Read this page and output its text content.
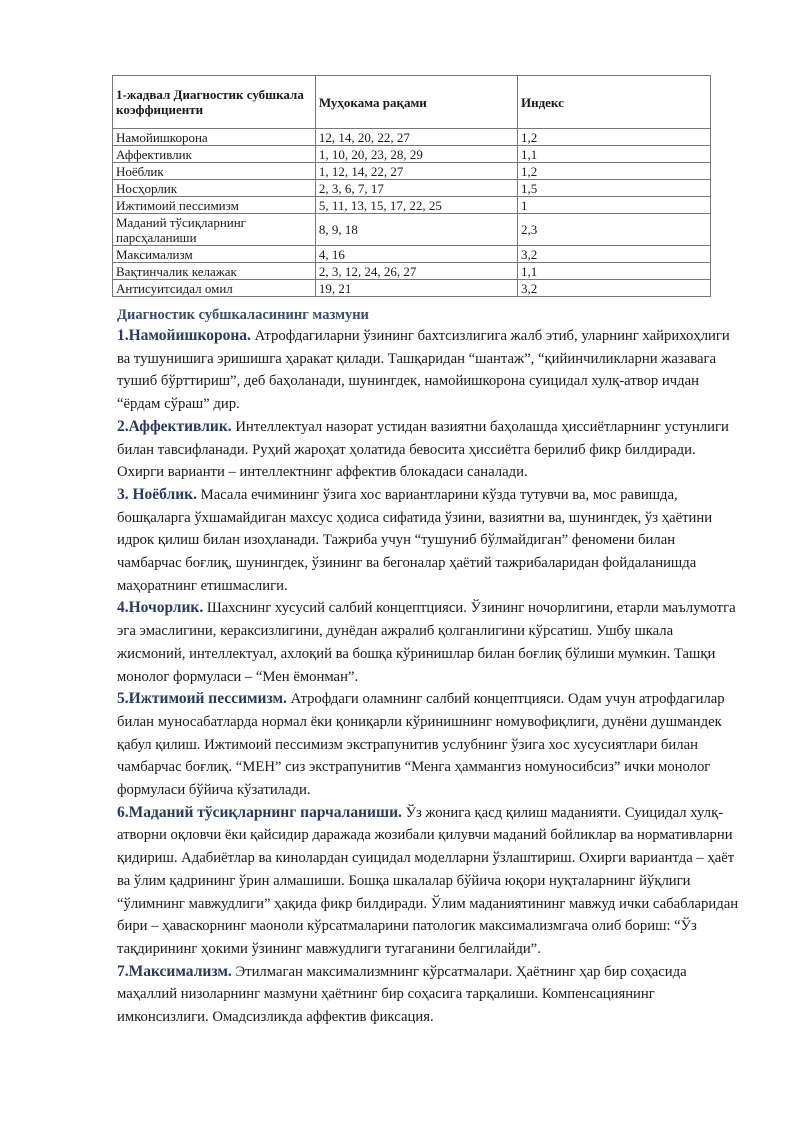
1-жадвал Диагностик субшкала коэффициенти	Муҳокама рақами	Индекс
Намойишкорона	12, 14, 20, 22, 27	1,2
Аффективлик	1, 10, 20, 23, 28, 29	1,1
Ноёблик	1, 12, 14, 22, 27	1,2
Носҳорлик	2, 3, 6, 7, 17	1,5
Ижтимоий пессимизм	5, 11, 13, 15, 17, 22, 25	1
Маданий тўсиқларнинг парсҳаланиши	8, 9, 18	2,3
Максимализм	4, 16	3,2
Вақтинчалик келажак	2, 3, 12, 24, 26, 27	1,1
Антисуитсидал омил	19, 21	3,2
Диагностик субшкаласининг мазмуни

1.Намойишкорона. Атрофдагиларни ўзининг бахтсизлигига жалб этиб, уларнинг хайрихоҳлиги ва тушунишига эришишга ҳаракат қилади. Ташқаридан “шантаж”, “қийинчиликларни жазавага тушиб бўрттириш”, деб баҳоланади, шунингдек, намойишкорона суицидал хулқ-атвор ичдан “ёрдам сўраш” дир.

2.Аффективлик. Интеллектуал назорат устидан вазиятни баҳолашда ҳиссиётларнинг устунлиги билан тавсифланади. Руҳий жароҳат ҳолатида бевосита ҳиссиётга берилиб фикр билдиради. Охирги варианти – интеллектнинг аффектив блокадаси саналади.

3. Ноёблик. Масала ечимининг ўзига хос вариантларини кўзда тутувчи ва, мос равишда, бошқаларга ўхшамайдиган махсус ҳодиса сифатида ўзини, вазиятни ва, шунингдек, ўз ҳаётини идрок қилиш билан изоҳланади. Тажриба учун “тушуниб бўлмайдиган” феномени билан чамбарчас боғлиқ, шунингдек, ўзининг ва бегоналар ҳаётий тажрибаларидан фойдаланишда маҳоратнинг етишмаслиги.

4.Ночорлик. Шахснинг хусусий салбий концептцияси. Ўзининг ночорлигини, етарли маълумотга эга эмаслигини, кераксизлигини, дунёдан ажралиб қолганлигини кўрсатиш. Ушбу шкала жисмоний, интеллектуал, ахлоқий ва бошқа кўринишлар билан боғлиқ бўлиши мумкин. Ташқи монолог формуласи – “Мен ёмонман”.

5.Ижтимоий пессимизм. Атрофдаги оламнинг салбий концептцияси. Одам учун атрофдагилар билан муносабатларда нормал ёки қониқарли кўринишнинг номувофиқлиги, дунёни душмандек қабул қилиш. Ижтимоий пессимизм экстрапунитив услубнинг ўзига хос хусусиятлари билан чамбарчас боғлиқ. “МЕН” сиз экстрапунитив “Менга ҳаммангиз номуносибсиз” ички монолог формуласи бўйича кўзатилади.

6.Маданий тўсиқларнинг парчаланиши. Ўз жонига қасд қилиш маданияти. Суицидал хулқ-атворни оқловчи ёки қайсидир даражада жозибали қилувчи маданий бойликлар ва нормативларни қидириш. Адабиётлар ва кинолардан суицидал моделларни ўзлаштириш. Охирги вариантда – ҳаёт ва ўлим қадрининг ўрин алмашиши. Бошқа шкалалар бўйича юқори нуқталарнинг йўқлиги “ўлимнинг мавжудлиги” ҳақида фикр билдиради. Ўлим маданиятининг мавжуд ички сабабларидан бири – ҳаваскорнинг маоноли кўрсатмаларини патологик максимализмгача олиб бориш: “Ўз тақдирининг ҳокими ўзининг мавжудлиги тугаганини белгилайди”.

7.Максимализм. Этилмаган максимализмнинг кўрсатмалари. Ҳаётнинг ҳар бир соҳасида маҳаллий низоларнинг мазмуни ҳаётнинг бир соҳасига тарқалиши. Компенсациянинг имконсизлиги. Омадсизликда аффектив фиксация.
